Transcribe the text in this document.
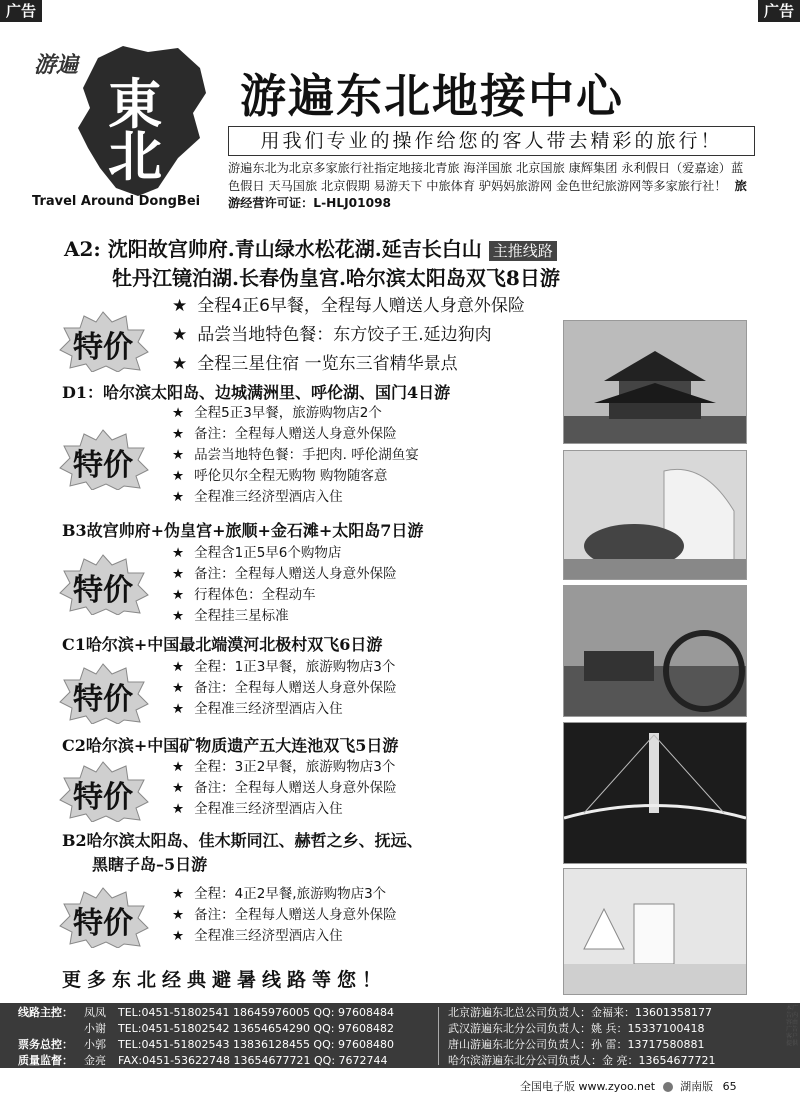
广告	广告
游遍
東北
Travel Around DongBei
游遍东北地接中心
用我们专业的操作给您的客人带去精彩的旅行！
游遍东北为北京多家旅行社指定地接北青旅 海洋国旅 北京国旅 康辉集团 永利假日（爱嘉途）蓝色假日 天马国旅 北京假期 易游天下 中旅体育 驴妈妈旅游网 金色世纪旅游网等多家旅行社！ 旅游经营许可证：L-HLJ01098
A2: 沈阳故宫帅府.青山绿水松花湖.延吉长白山 主推线路
牡丹江镜泊湖.长春伪皇宫.哈尔滨太阳岛双飞8日游
★ 全程4正6早餐，全程每人赠送人身意外保险
★ 品尝当地特色餐：东方饺子王.延边狗肉
★ 全程三星住宿 一览东三省精华景点
D1：哈尔滨太阳岛、边城满洲里、呼伦湖、国门4日游
★ 全程5正3早餐，旅游购物店2个
★ 备注：全程每人赠送人身意外保险
★ 品尝当地特色餐：手把肉. 呼伦湖鱼宴
★ 呼伦贝尔全程无购物 购物随客意
★ 全程准三经济型酒店入住
B3故宫帅府+伪皇宫+旅顺+金石滩+太阳岛7日游
★ 全程含1正5早6个购物店
★ 备注：全程每人赠送人身意外保险
★ 行程体色：全程动车
★ 全程挂三星标准
C1哈尔滨+中国最北端漠河北极村双飞6日游
★ 全程：1正3早餐，旅游购物店3个
★ 备注：全程每人赠送人身意外保险
★ 全程准三经济型酒店入住
C2哈尔滨+中国矿物质遗产五大连池双飞5日游
★ 全程：3正2早餐，旅游购物店3个
★ 备注：全程每人赠送人身意外保险
★ 全程准三经济型酒店入住
B2哈尔滨太阳岛、佳木斯同江、赫哲之乡、抚远、
黑瞎子岛–5日游
★ 全程：4正2早餐,旅游购物店3个
★ 备注：全程每人赠送人身意外保险
★ 全程准三经济型酒店入住
特价
特价
特价
特价
特价
特价
更多东北经典避暑线路等您！
线路主控： 凤凤 TEL:0451-51802541 18645976005 QQ: 97608484	北京游遍东北总公司负责人：金福来：13601358177
小谢 TEL:0451-51802542 13654654290 QQ: 97608482	武汉游遍东北分公司负责人：姚 兵：15337100418
票务总控： 小郭 TEL:0451-51802543 13836128455 QQ: 97608480	唐山游遍东北分公司负责人：孙 雷：13717580881
质量监督： 金亮 FAX:0451-53622748 13654677721 QQ: 7672744	哈尔滨游遍东北分公司负责人：金 亮：13654677721
全国电子版 www.zyoo.net 湖南版 65
本广告内容由广告客户提供
